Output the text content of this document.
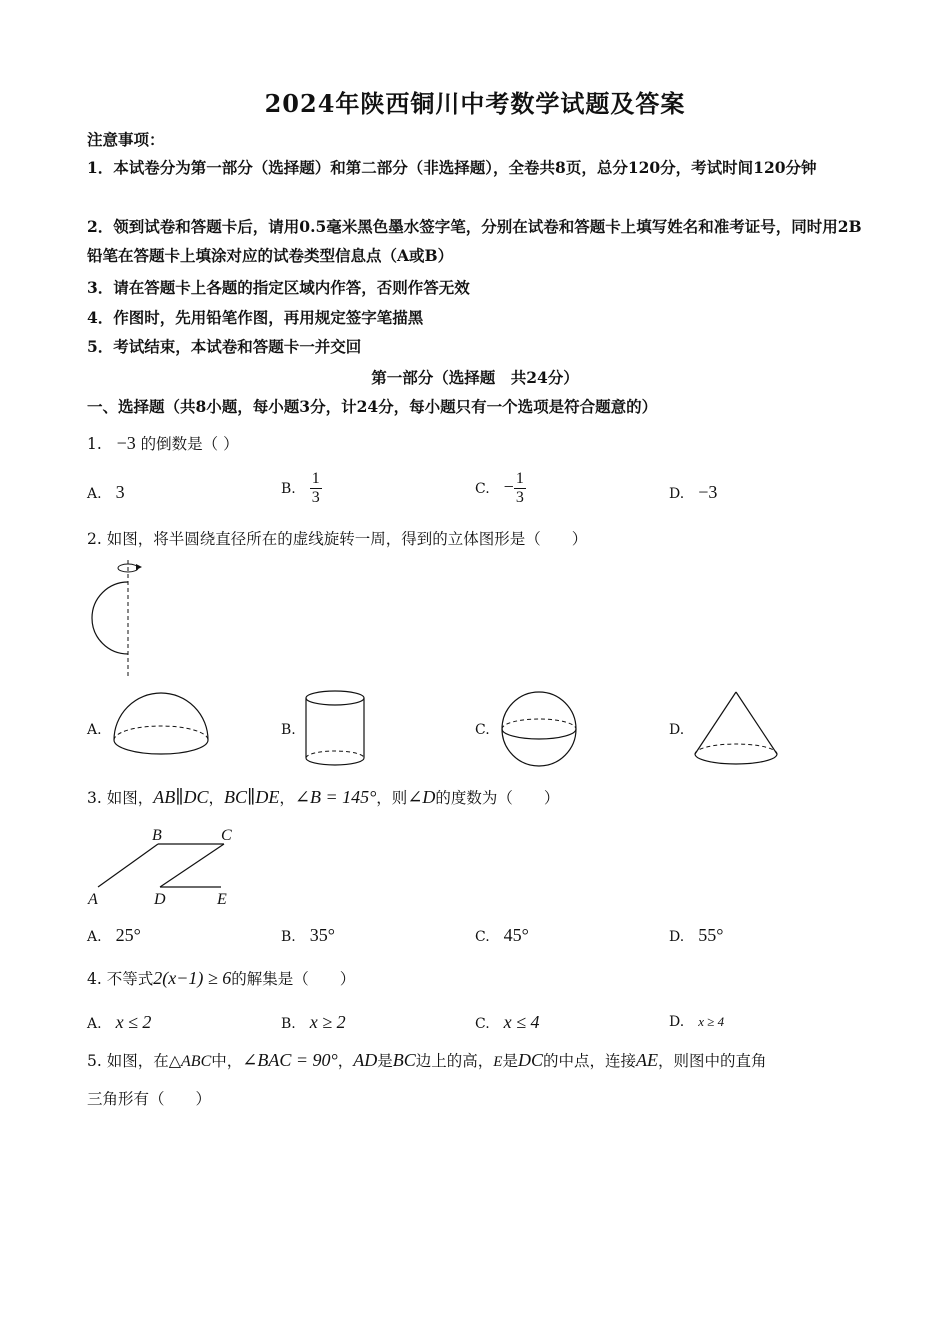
2024年陕西铜川中考数学试题及答案
注意事项：
1．本试卷分为第一部分（选择题）和第二部分（非选择题），全卷共8页，总分120分，考试时间120分钟
2．领到试卷和答题卡后，请用0.5毫米黑色墨水签字笔，分别在试卷和答题卡上填写姓名和准考证号，同时用2B铅笔在答题卡上填涂对应的试卷类型信息点（A或B）
3．请在答题卡上各题的指定区域内作答，否则作答无效
4．作图时，先用铅笔作图，再用规定签字笔描黑
5．考试结束，本试卷和答题卡一并交回
第一部分（选择题　共24分）
一、选择题（共8小题，每小题3分，计24分，每小题只有一个选项是符合题意的）
1. −3 的倒数是（ ）
A. 3	B. $\frac{1}{3}$	C. − $\frac{1}{3}$	D. −3
2. 如图，将半圆绕直径所在的虚线旋转一周，得到的立体图形是（　　）
A.	B.	C.	D.
3. 如图，AB∥DC，BC∥DE，∠B = 145°，则∠D的度数为（　　）
B	C
A	D	E
A. 25°	B. 35°	C. 45°	D. 55°
4. 不等式2(x−1) ≥ 6的解集是（　　）
A. x ≤ 2	B. x ≥ 2	C. x ≤ 4	D. x ≥ 4
5. 如图，在△ABC中，∠BAC = 90°，AD是BC边上的高，E是DC的中点，连接AE，则图中的直角
三角形有（　　）
